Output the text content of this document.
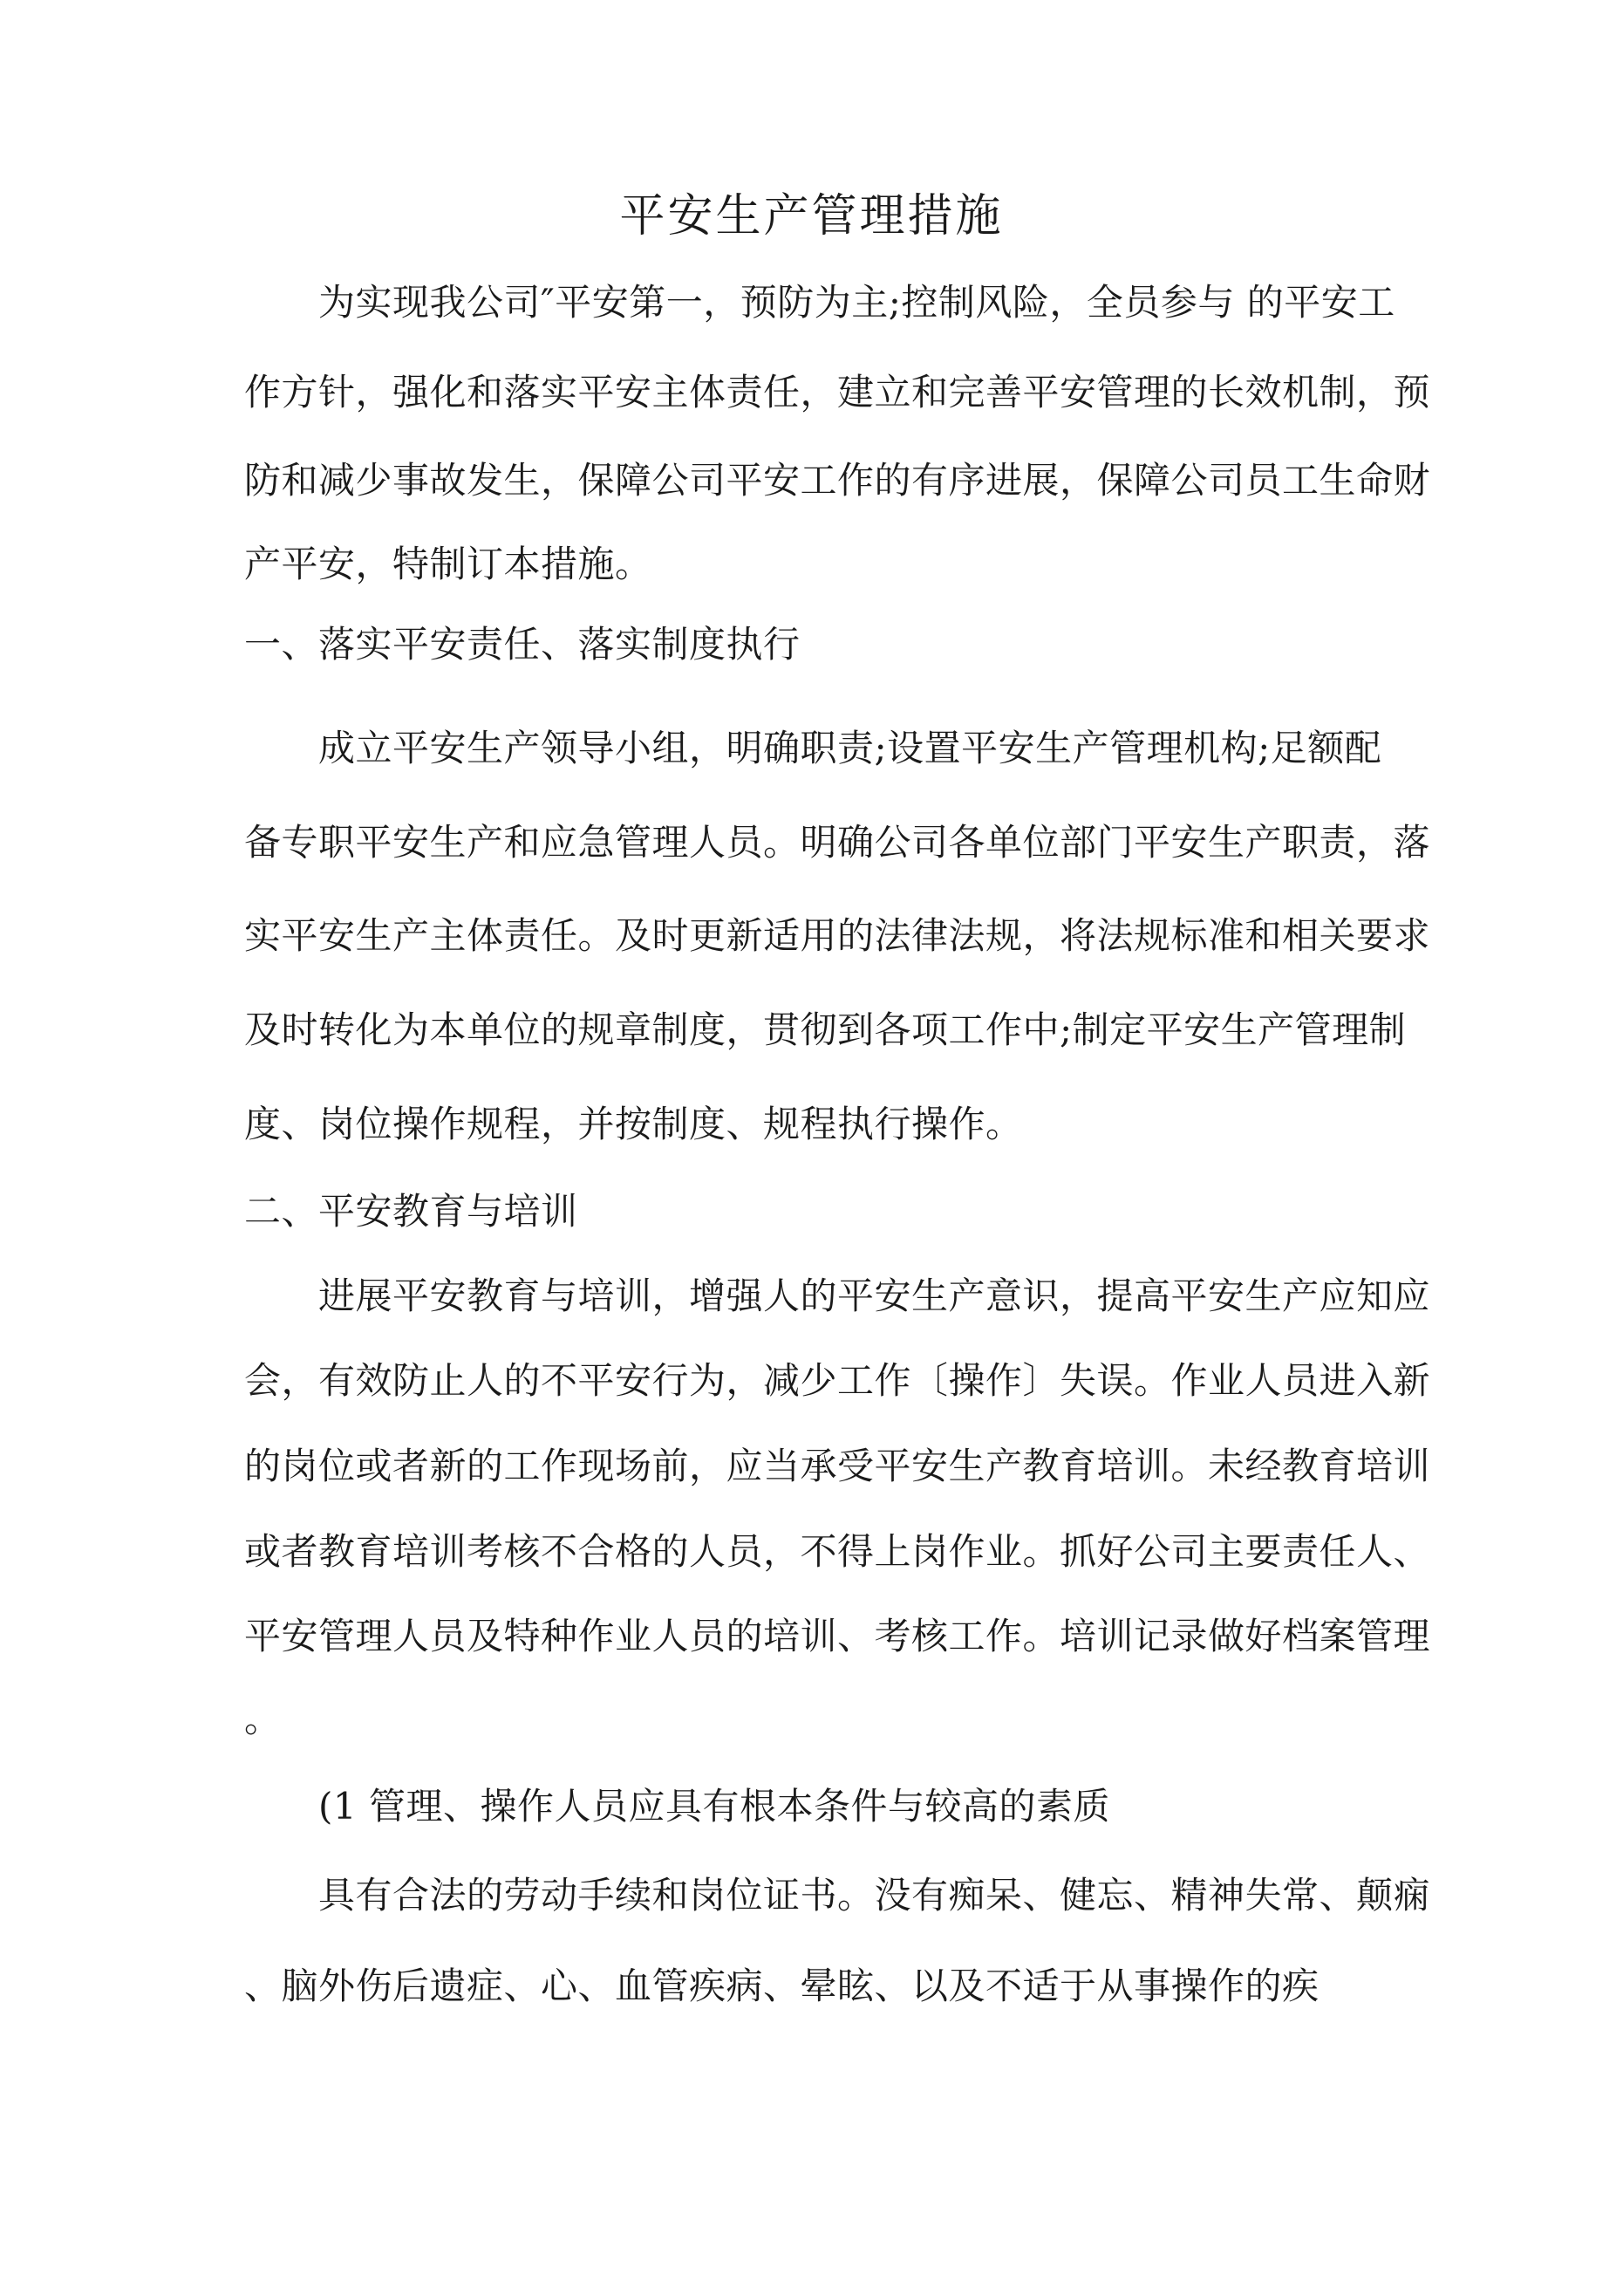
平安生产管理措施
为实现我公司″平安第一，预防为主;控制风险，全员参与 的平安工
作方针，强化和落实平安主体责任，建立和完善平安管理的长效机制，预
防和减少事故发生，保障公司平安工作的有序进展，保障公司员工生命财
产平安，特制订本措施。
一、落实平安责任、落实制度执行
成立平安生产领导小组，明确职责;设置平安生产管理机构;足额配
备专职平安生产和应急管理人员。明确公司各单位部门平安生产职责，落
实平安生产主体责任。及时更新适用的法律法规，将法规标准和相关要求
及时转化为本单位的规章制度，贯彻到各项工作中;制定平安生产管理制
度、岗位操作规程，并按制度、规程执行操作。
二、平安教育与培训
进展平安教育与培训，增强人的平安生产意识，提高平安生产应知应
会，有效防止人的不平安行为，减少工作〔操作〕失误。作业人员进入新
的岗位或者新的工作现场前，应当承受平安生产教育培训。未经教育培训
或者教育培训考核不合格的人员，不得上岗作业。抓好公司主要责任人、
平安管理人员及特种作业人员的培训、考核工作。培训记录做好档案管理
。
(1 管理、操作人员应具有根本条件与较高的素质
具有合法的劳动手续和岗位证书。没有痴呆、健忘、精神失常、颠痫
、脑外伤后遗症、心、血管疾病、晕眩、以及不适于从事操作的疾
